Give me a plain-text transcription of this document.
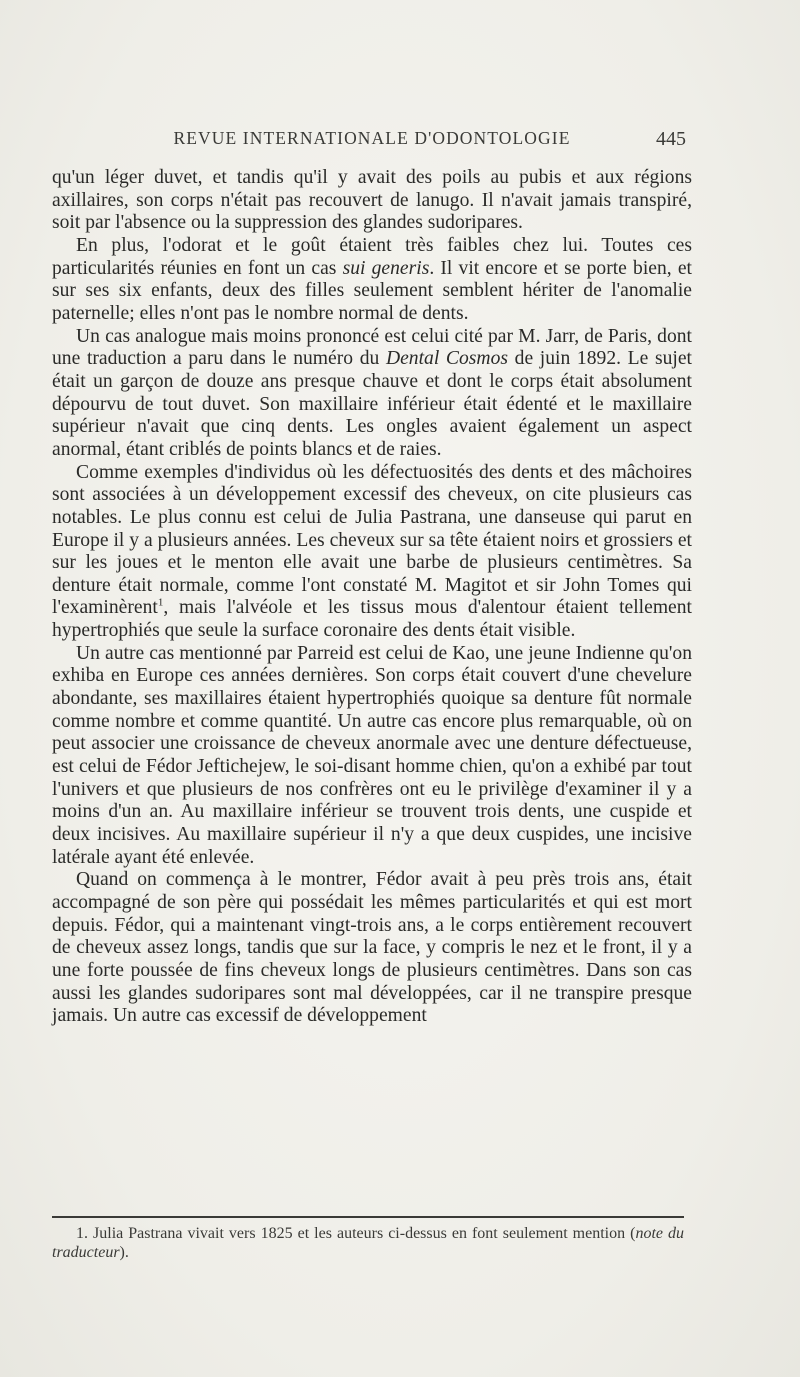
REVUE INTERNATIONALE D'ODONTOLOGIE	445

qu'un léger duvet, et tandis qu'il y avait des poils au pubis et aux régions axillaires, son corps n'était pas recouvert de lanugo. Il n'avait jamais transpiré, soit par l'absence ou la suppression des glandes sudoripares.

En plus, l'odorat et le goût étaient très faibles chez lui. Toutes ces particularités réunies en font un cas sui generis. Il vit encore et se porte bien, et sur ses six enfants, deux des filles seulement semblent hériter de l'anomalie paternelle; elles n'ont pas le nombre normal de dents.

Un cas analogue mais moins prononcé est celui cité par M. Jarr, de Paris, dont une traduction a paru dans le numéro du Dental Cosmos de juin 1892. Le sujet était un garçon de douze ans presque chauve et dont le corps était absolument dépourvu de tout duvet. Son maxillaire inférieur était édenté et le maxillaire supérieur n'avait que cinq dents. Les ongles avaient également un aspect anormal, étant criblés de points blancs et de raies.

Comme exemples d'individus où les défectuosités des dents et des mâchoires sont associées à un développement excessif des cheveux, on cite plusieurs cas notables. Le plus connu est celui de Julia Pastrana, une danseuse qui parut en Europe il y a plusieurs années. Les cheveux sur sa tête étaient noirs et grossiers et sur les joues et le menton elle avait une barbe de plusieurs centimètres. Sa denture était normale, comme l'ont constaté M. Magitot et sir John Tomes qui l'examinèrent$^1$, mais l'alvéole et les tissus mous d'alentour étaient tellement hypertrophiés que seule la surface coronaire des dents était visible.

Un autre cas mentionné par Parreid est celui de Kao, une jeune Indienne qu'on exhiba en Europe ces années dernières. Son corps était couvert d'une chevelure abondante, ses maxillaires étaient hypertrophiés quoique sa denture fût normale comme nombre et comme quantité. Un autre cas encore plus remarquable, où on peut associer une croissance de cheveux anormale avec une denture défectueuse, est celui de Fédor Jeftichejew, le soi-disant homme chien, qu'on a exhibé par tout l'univers et que plusieurs de nos confrères ont eu le privilège d'examiner il y a moins d'un an. Au maxillaire inférieur se trouvent trois dents, une cuspide et deux incisives. Au maxillaire supérieur il n'y a que deux cuspides, une incisive latérale ayant été enlevée.

Quand on commença à le montrer, Fédor avait à peu près trois ans, était accompagné de son père qui possédait les mêmes particularités et qui est mort depuis. Fédor, qui a maintenant vingt-trois ans, a le corps entièrement recouvert de cheveux assez longs, tandis que sur la face, y compris le nez et le front, il y a une forte poussée de fins cheveux longs de plusieurs centimètres. Dans son cas aussi les glandes sudoripares sont mal développées, car il ne transpire presque jamais. Un autre cas excessif de développement

1. Julia Pastrana vivait vers 1825 et les auteurs ci-dessus en font seulement mention (note du traducteur).
